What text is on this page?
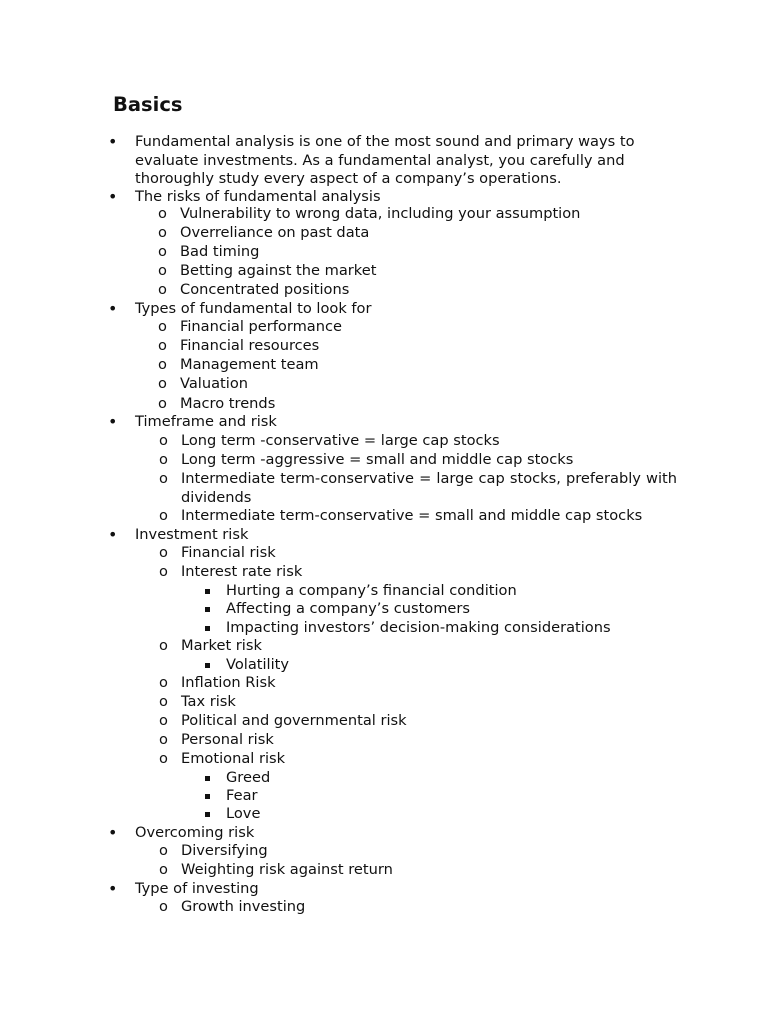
Basics
• Fundamental analysis is one of the most sound and primary ways to evaluate investments. As a fundamental analyst, you carefully and thoroughly study every aspect of a company’s operations.
• The risks of fundamental analysis
o Vulnerability to wrong data, including your assumption
o Overreliance on past data
o Bad timing
o Betting against the market
o Concentrated positions
• Types of fundamental to look for
o Financial performance
o Financial resources
o Management team
o Valuation
o Macro trends
• Timeframe and risk
o Long term -conservative = large cap stocks
o Long term -aggressive = small and middle cap stocks
o Intermediate term-conservative = large cap stocks, preferably with dividends
o Intermediate term-conservative = small and middle cap stocks
• Investment risk
o Financial risk
o Interest rate risk
Hurting a company’s financial condition
Affecting a company’s customers
Impacting investors’ decision-making considerations
o Market risk
Volatility
o Inflation Risk
o Tax risk
o Political and governmental risk
o Personal risk
o Emotional risk
Greed
Fear
Love
• Overcoming risk
o Diversifying
o Weighting risk against return
• Type of investing
o Growth investing
